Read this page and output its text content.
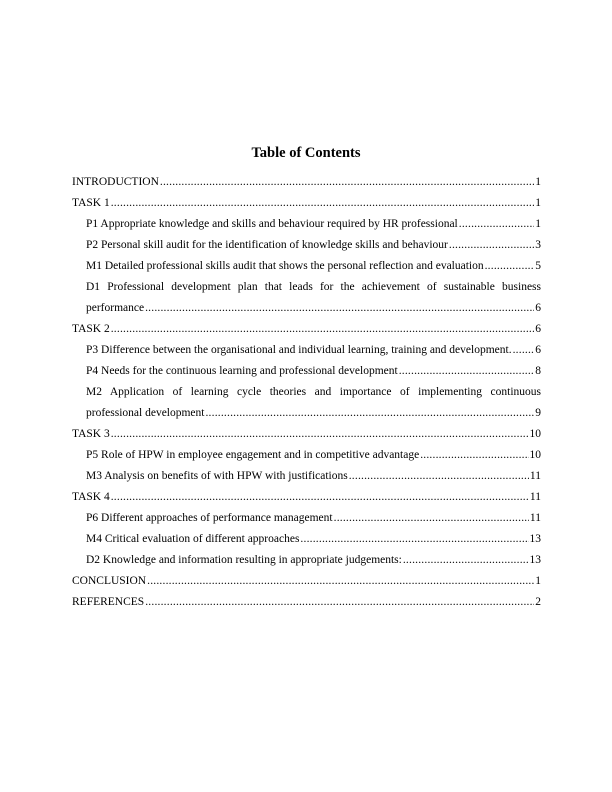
Table of Contents
INTRODUCTION .....	1
TASK 1 .....	1
P1 Appropriate knowledge and skills and behaviour required by HR professional .....	1
P2 Personal skill audit for the identification of knowledge skills and behaviour .....	3
M1 Detailed professional skills audit that shows the personal reflection and evaluation .....	5
D1 Professional development plan that leads for the achievement of sustainable business
performance .....	6
TASK 2 .....	6
P3 Difference between the organisational and individual learning, training and development. ..... 6
P4 Needs for the continuous learning and professional development .....	8
M2 Application of learning cycle theories and importance of implementing continuous
professional development .....	9
TASK 3 .....	10
P5 Role of HPW in employee engagement and in competitive advantage .....	10
M3 Analysis on benefits of with HPW with justifications .....	11
TASK 4 .....	11
P6 Different approaches of performance management .....	11
M4 Critical evaluation of different approaches .....	13
D2 Knowledge and information resulting in appropriate judgements: .....	13
CONCLUSION .....	1
REFERENCES .....	2
